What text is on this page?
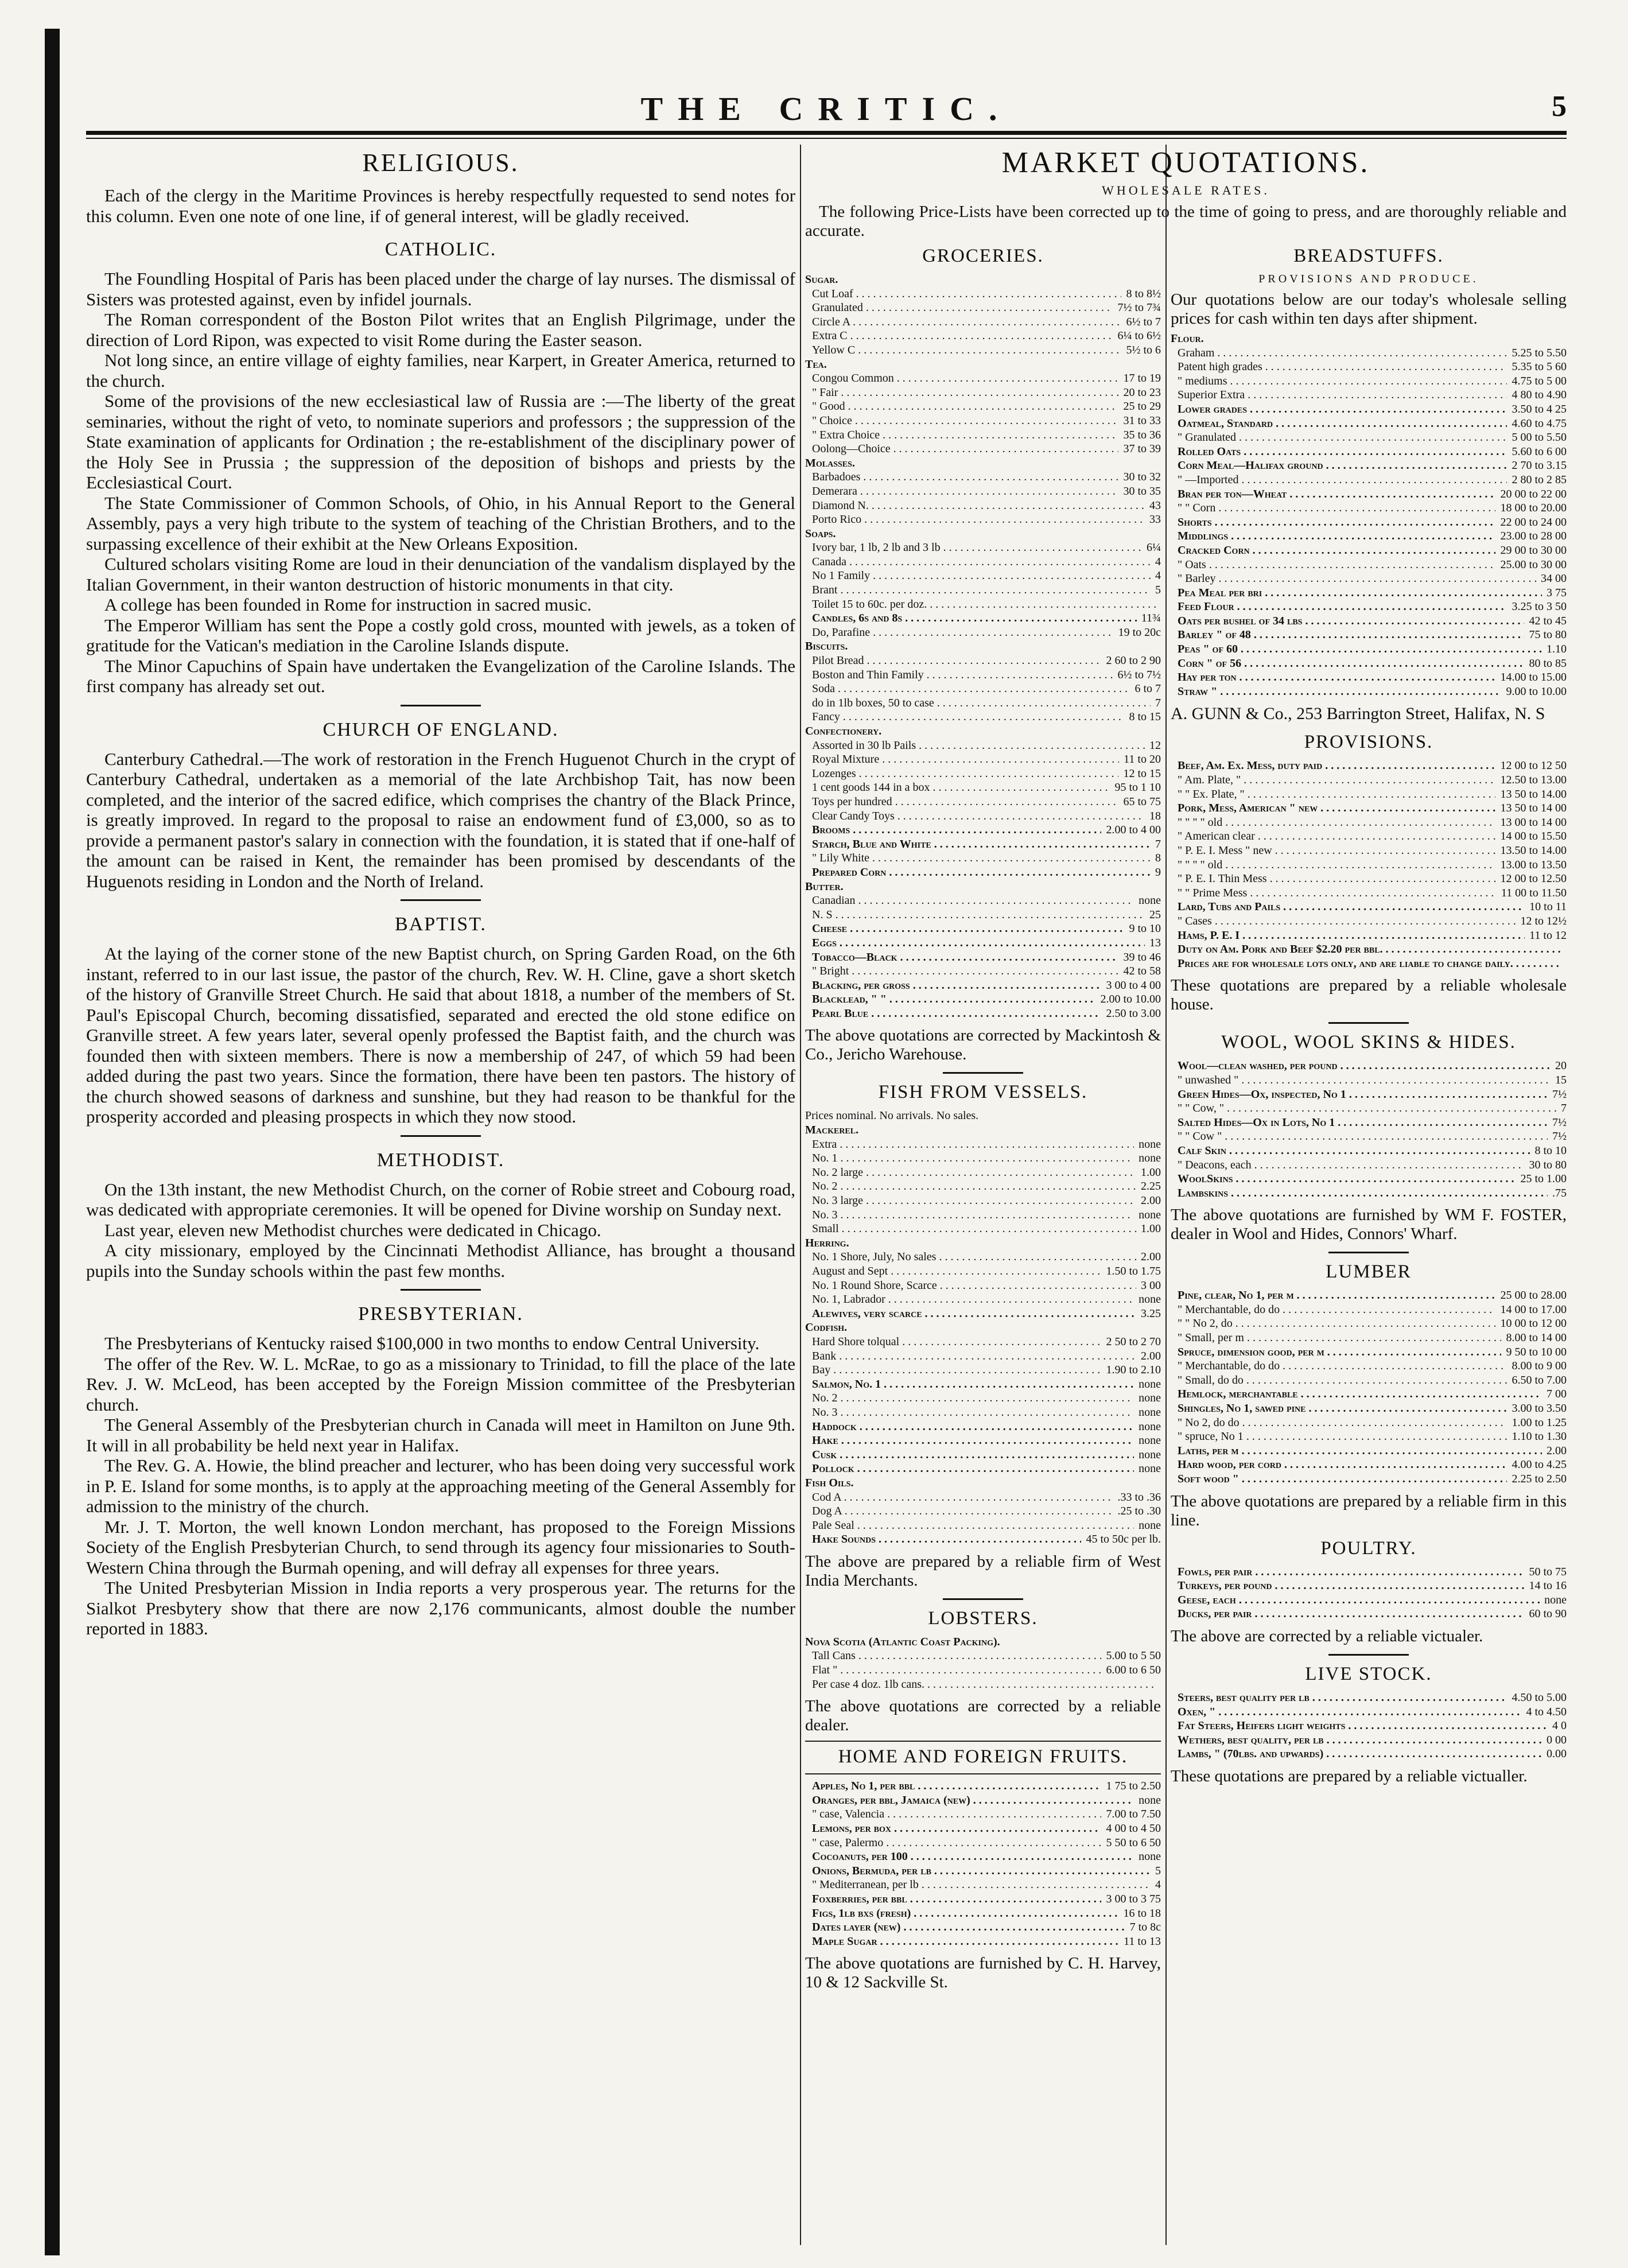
THE CRITIC.	5
RELIGIOUS.

Each of the clergy in the Maritime Provinces is hereby respectfully requested to send notes for this column. Even one note of one line, if of general interest, will be gladly received.

CATHOLIC.

The Foundling Hospital of Paris has been placed under the charge of lay nurses. The dismissal of Sisters was protested against, even by infidel journals.

The Roman correspondent of the Boston Pilot writes that an English Pilgrimage, under the direction of Lord Ripon, was expected to visit Rome during the Easter season.

Not long since, an entire village of eighty families, near Karpert, in Greater America, returned to the church.

Some of the provisions of the new ecclesiastical law of Russia are :—The liberty of the great seminaries, without the right of veto, to nominate superiors and professors ; the suppression of the State examination of applicants for Ordination ; the re-establishment of the disciplinary power of the Holy See in Prussia ; the suppression of the deposition of bishops and priests by the Ecclesiastical Court.

The State Commissioner of Common Schools, of Ohio, in his Annual Report to the General Assembly, pays a very high tribute to the system of teaching of the Christian Brothers, and to the surpassing excellence of their exhibit at the New Orleans Exposition.

Cultured scholars visiting Rome are loud in their denunciation of the vandalism displayed by the Italian Government, in their wanton destruction of historic monuments in that city.

A college has been founded in Rome for instruction in sacred music.

The Emperor William has sent the Pope a costly gold cross, mounted with jewels, as a token of gratitude for the Vatican's mediation in the Caroline Islands dispute.

The Minor Capuchins of Spain have undertaken the Evangelization of the Caroline Islands. The first company has already set out.

CHURCH OF ENGLAND.

Canterbury Cathedral.—The work of restoration in the French Huguenot Church in the crypt of Canterbury Cathedral, undertaken as a memorial of the late Archbishop Tait, has now been completed, and the interior of the sacred edifice, which comprises the chantry of the Black Prince, is greatly improved. In regard to the proposal to raise an endowment fund of £3,000, so as to provide a permanent pastor's salary in connection with the foundation, it is stated that if one-half of the amount can be raised in Kent, the remainder has been promised by descendants of the Huguenots residing in London and the North of Ireland.

BAPTIST.

At the laying of the corner stone of the new Baptist church, on Spring Garden Road, on the 6th instant, referred to in our last issue, the pastor of the church, Rev. W. H. Cline, gave a short sketch of the history of Granville Street Church. He said that about 1818, a number of the members of St. Paul's Episcopal Church, becoming dissatisfied, separated and erected the old stone edifice on Granville street. A few years later, several openly professed the Baptist faith, and the church was founded then with sixteen members. There is now a membership of 247, of which 59 had been added during the past two years. Since the formation, there have been ten pastors. The history of the church showed seasons of darkness and sunshine, but they had reason to be thankful for the prosperity accorded and pleasing prospects in which they now stood.

METHODIST.

On the 13th instant, the new Methodist Church, on the corner of Robie street and Cobourg road, was dedicated with appropriate ceremonies. It will be opened for Divine worship on Sunday next.

Last year, eleven new Methodist churches were dedicated in Chicago.

A city missionary, employed by the Cincinnati Methodist Alliance, has brought a thousand pupils into the Sunday schools within the past few months.

PRESBYTERIAN.

The Presbyterians of Kentucky raised $100,000 in two months to endow Central University.

The offer of the Rev. W. L. McRae, to go as a missionary to Trinidad, to fill the place of the late Rev. J. W. McLeod, has been accepted by the Foreign Mission committee of the Presbyterian church.

The General Assembly of the Presbyterian church in Canada will meet in Hamilton on June 9th. It will in all probability be held next year in Halifax.

The Rev. G. A. Howie, the blind preacher and lecturer, who has been doing very successful work in P. E. Island for some months, is to apply at the approaching meeting of the General Assembly for admission to the ministry of the church.

Mr. J. T. Morton, the well known London merchant, has proposed to the Foreign Missions Society of the English Presbyterian Church, to send through its agency four missionaries to South-Western China through the Burmah opening, and will defray all expenses for three years.

The United Presbyterian Mission in India reports a very prosperous year. The returns for the Sialkot Presbytery show that there are now 2,176 communicants, almost double the number reported in 1883.

MARKET QUOTATIONS.
WHOLESALE RATES.
The following Price-Lists have been corrected up to the time of going to press, and are thoroughly reliable and accurate.
GROCERIES.
Sugar.
Cut Loaf . . .	8 to 8½
Granulated . . .	7½ to 7¾
Circle A . . .	6½ to 7
Extra C . . .	6¼ to 6½
Yellow C . . .	5½ to 6
Tea.
Congou Common . . .	17 to 19
" Fair . . .	20 to 23
" Good . . .	25 to 29
" Choice . . .	31 to 33
" Extra Choice . . .	35 to 36
Oolong—Choice . . .	37 to 39
Molasses.
Barbadoes . . .	30 to 32
Demerara . . .	30 to 35
Diamond N. . . .	43
Porto Rico . . .	33
Soaps.
Ivory bar, 1 lb, 2 lb and 3 lb . . .	6¼
Canada . . .	4
No 1 Family . . .	4
Brant . . .	5
Toilet 15 to 60c. per doz. . . .
Candles, 6s and 8s . . .	11¾
Do, Parafine . . .	19 to 20c
Biscuits.
Pilot Bread . . .	2 60 to 2 90
Boston and Thin Family . . .	6½ to 7½
Soda . . .	6 to 7
do in 1lb boxes, 50 to case . . .	7
Fancy . . .	8 to 15
Confectionery.
Assorted in 30 lb Pails . . .	12
Royal Mixture . . .	11 to 20
Lozenges . . .	12 to 15
1 cent goods 144 in a box . . .	95 to 1 10
Toys per hundred . . .	65 to 75
Clear Candy Toys . . .	18
Brooms . . .	2.00 to 4 00
Starch, Blue and White . . .	7
" Lily White . . .	8
Prepared Corn . . .	9
Butter.
Canadian . . .	none
N. S . . .	25
Cheese . . .	9 to 10
Eggs . . .	13
Tobacco—Black . . .	39 to 46
" Bright . . .	42 to 58
Blacking, per gross . . .	3 00 to 4 00
Blacklead, " " . . .	2.00 to 10.00
Pearl Blue . . .	2.50 to 3.00
The above quotations are corrected by Mackintosh & Co., Jericho Warehouse.
FISH FROM VESSELS.
Prices nominal. No arrivals. No sales.
Mackerel.
Extra . . .	none
No. 1 . . .	none
No. 2 large . . .	1.00
No. 2 . . .	2.25
No. 3 large . . .	2.00
No. 3 . . .	none
Small . . .	1.00
Herring.
No. 1 Shore, July, No sales . . .	2.00
August and Sept . . .	1.50 to 1.75
No. 1 Round Shore, Scarce . . .	3 00
No. 1, Labrador . . .	none
Alewives, very scarce . . .	3.25
Codfish.
Hard Shore tolqual . . .	2 50 to 2 70
Bank . . .	2.00
Bay . . .	1.90 to 2.10
Salmon, No. 1 . . .	none
No. 2 . . .	none
No. 3 . . .	none
Haddock . . .	none
Hake . . .	none
Cusk . . .	none
Pollock . . .	none
Fish Oils.
Cod A . . .	.33 to .36
Dog A . . .	.25 to .30
Pale Seal . . .	none
Hake Sounds . . .	45 to 50c per lb.
The above are prepared by a reliable firm of West India Merchants.
LOBSTERS.
Nova Scotia (Atlantic Coast Packing).
Tall Cans . . .	5.00 to 5 50
Flat " . . .	6.00 to 6 50
Per case 4 doz. 1lb cans. . . .
The above quotations are corrected by a reliable dealer.
HOME AND FOREIGN FRUITS.
Apples, No 1, per bbl . . .	1 75 to 2.50
Oranges, per bbl, Jamaica (new) . . .	none
" case, Valencia . . .	7.00 to 7.50
Lemons, per box . . .	4 00 to 4 50
" case, Palermo . . .	5 50 to 6 50
Cocoanuts, per 100 . . .	none
Onions, Bermuda, per lb . . .	5
" Mediterranean, per lb . . .	4
Foxberries, per bbl . . .	3 00 to 3 75
Figs, 1lb bxs (fresh) . . .	16 to 18
Dates layer (new) . . .	7 to 8c
Maple Sugar . . .	11 to 13
The above quotations are furnished by C. H. Harvey, 10 & 12 Sackville St.
BREADSTUFFS.
PROVISIONS AND PRODUCE.
Our quotations below are our today's wholesale selling prices for cash within ten days after shipment.
Flour.
Graham . . .	5.25 to 5.50
Patent high grades . . .	5.35 to 5 60
" mediums . . .	4.75 to 5 00
Superior Extra . . .	4 80 to 4.90
Lower grades . . .	3.50 to 4 25
Oatmeal, Standard . . .	4.60 to 4.75
" Granulated . . .	5 00 to 5.50
Rolled Oats . . .	5.60 to 6 00
Corn Meal—Halifax ground . . .	2 70 to 3.15
" —Imported . . .	2 80 to 2 85
Bran per ton—Wheat . . .	20 00 to 22 00
" " Corn . . .	18 00 to 20.00
Shorts . . .	22 00 to 24 00
Middlings . . .	23.00 to 28 00
Cracked Corn . . .	29 00 to 30 00
" Oats . . .	25.00 to 30 00
" Barley . . .	34 00
Pea Meal per bri . . .	3 75
Feed Flour . . .	3.25 to 3 50
Oats per bushel of 34 lbs . . .	42 to 45
Barley " of 48 . . .	75 to 80
Peas " of 60 . . .	1.10
Corn " of 56 . . .	80 to 85
Hay per ton . . .	14.00 to 15.00
Straw " . . .	9.00 to 10.00
A. GUNN & Co., 253 Barrington Street, Halifax, N. S
PROVISIONS.
Beef, Am. Ex. Mess, duty paid . . .	12 00 to 12 50
" Am. Plate, " . . .	12.50 to 13.00
" " Ex. Plate, " . . .	13 50 to 14.00
Pork, Mess, American " new . . .	13 50 to 14 00
" " " " old . . .	13 00 to 14 00
" American clear . . .	14 00 to 15.50
" P. E. I. Mess " new . . .	13.50 to 14.00
" " " " old . . .	13.00 to 13.50
" P. E. I. Thin Mess . . .	12 00 to 12.50
" " Prime Mess . . .	11 00 to 11.50
Lard, Tubs and Pails . . .	10 to 11
" Cases . . .	12 to 12½
Hams, P. E. I . . .	11 to 12
Duty on Am. Pork and Beef $2.20 per bbl. . . .
Prices are for wholesale lots only, and are liable to change daily. . . .
These quotations are prepared by a reliable wholesale house.
WOOL, WOOL SKINS & HIDES.
Wool—clean washed, per pound . . .	20
" unwashed " . . .	15
Green Hides—Ox, inspected, No 1 . . .	7½
" " Cow, " . . .	7
Salted Hides—Ox in Lots, No 1 . . .	7½
" " Cow " . . .	7½
Calf Skin . . .	8 to 10
" Deacons, each . . .	30 to 80
WoolSkins . . .	25 to 1.00
Lambskins . . .	.75
The above quotations are furnished by WM F. FOSTER, dealer in Wool and Hides, Connors' Wharf.
LUMBER
Pine, clear, No 1, per m . . .	25 00 to 28.00
" Merchantable, do do . . .	14 00 to 17.00
" " No 2, do . . .	10 00 to 12 00
" Small, per m . . .	8.00 to 14 00
Spruce, dimension good, per m . . .	9 50 to 10 00
" Merchantable, do do . . .	8.00 to 9 00
" Small, do do . . .	6.50 to 7.00
Hemlock, merchantable . . .	7 00
Shingles, No 1, sawed pine . . .	3.00 to 3.50
" No 2, do do . . .	1.00 to 1.25
" spruce, No 1 . . .	1.10 to 1.30
Laths, per m . . .	2.00
Hard wood, per cord . . .	4.00 to 4.25
Soft wood " . . .	2.25 to 2.50
The above quotations are prepared by a reliable firm in this line.
POULTRY.
Fowls, per pair . . .	50 to 75
Turkeys, per pound . . .	14 to 16
Geese, each . . .	none
Ducks, per pair . . .	60 to 90
The above are corrected by a reliable victualer.
LIVE STOCK.
Steers, best quality per lb . . .	4.50 to 5.00
Oxen, " . . .	4 to 4.50
Fat Steers, Heifers light weights . . .	4 0
Wethers, best quality, per lb . . .	0 00
Lambs, " (70lbs. and upwards) . . .	0.00
These quotations are prepared by a reliable victualler.
